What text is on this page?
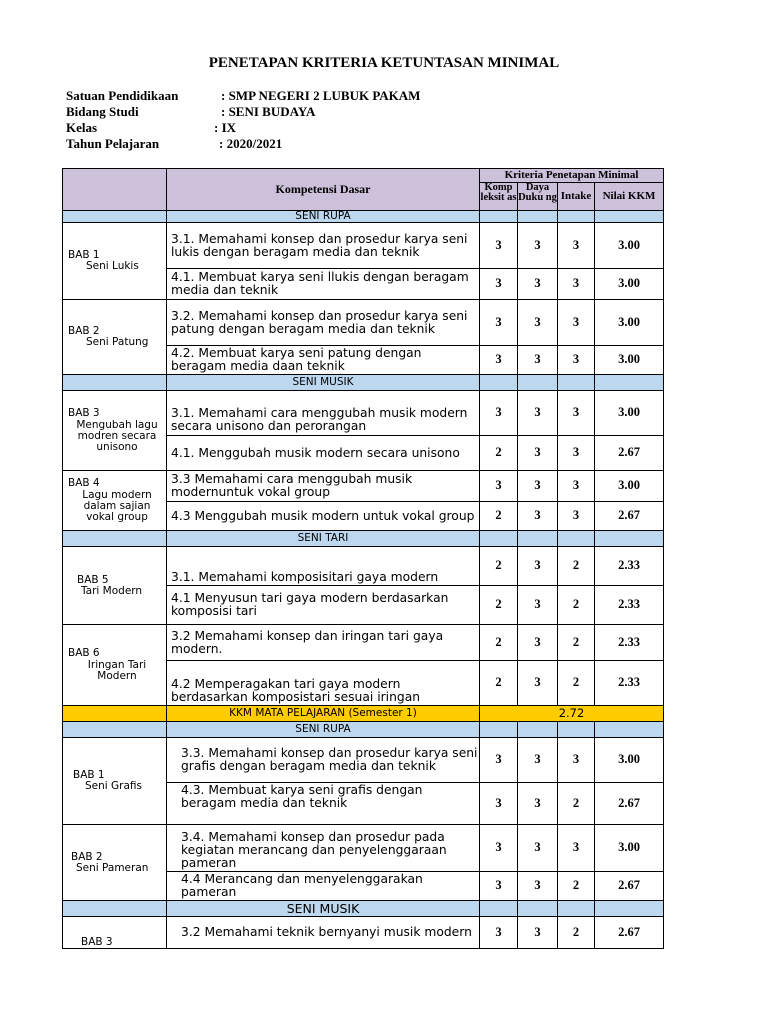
PENETAPAN KRITERIA KETUNTASAN MINIMAL
Satuan Pendidikaan	: SMP NEGERI 2 LUBUK PAKAM
Bidang Studi	: SENI BUDAYA
Kelas	: IX
Tahun Pelajaran	: 2020/2021
	Kompetensi Dasar	Kriteria Penetapan Minimal			
		Komp leksit as	Daya Duku ng	Intake	Nilai KKM
	SENI RUPA				
BAB 1
Seni Lukis	3.1. Memahami konsep dan prosedur karya seni lukis dengan beragam media dan teknik	3	3	3	3.00
	4.1. Membuat karya seni llukis dengan beragam media dan teknik	3	3	3	3.00
BAB 2
Seni Patung	3.2. Memahami konsep dan prosedur karya seni patung dengan beragam media dan teknik	3	3	3	3.00
	4.2. Membuat karya seni patung dengan beragam media daan teknik	3	3	3	3.00
	SENI MUSIK				
BAB 3
Mengubah lagu
modren secara
unisono	3.1. Memahami cara menggubah musik modern secara unisono dan perorangan	3	3	3	3.00
	4.1. Menggubah musik modern secara unisono	2	3	3	2.67
BAB 4
Lagu modern
dalam sajian
vokal group	3.3 Memahami cara menggubah musik modernuntuk vokal group	3	3	3	3.00
	4.3 Menggubah musik modern untuk vokal group	2	3	3	2.67
	SENI TARI				
BAB 5
Tari Modern	3.1. Memahami komposisitari gaya modern	2	3	2	2.33
	4.1 Menyusun tari gaya modern berdasarkan komposisi tari	2	3	2	2.33
BAB 6
Iringan Tari
Modern	3.2 Memahami konsep dan iringan tari gaya modern.	2	3	2	2.33
	4.2 Memperagakan tari gaya modern berdasarkan komposistari sesuai iringan	2	3	2	2.33
	KKM MATA PELAJARAN (Semester 1)	2.72			
	SENI RUPA				
BAB 1
Seni Grafis	3.3. Memahami konsep dan prosedur karya seni grafis dengan beragam media dan teknik	3	3	3	3.00
	4.3. Membuat karya seni grafis dengan beragam media dan teknik	3	3	2	2.67
BAB 2
Seni Pameran	3.4. Memahami konsep dan prosedur pada kegiatan merancang dan penyelenggaraan pameran	3	3	3	3.00
	4.4 Merancang dan menyelenggarakan pameran	3	3	2	2.67
	SENI MUSIK				
BAB 3	3.2 Memahami teknik bernyanyi musik modern	3	3	2	2.67
